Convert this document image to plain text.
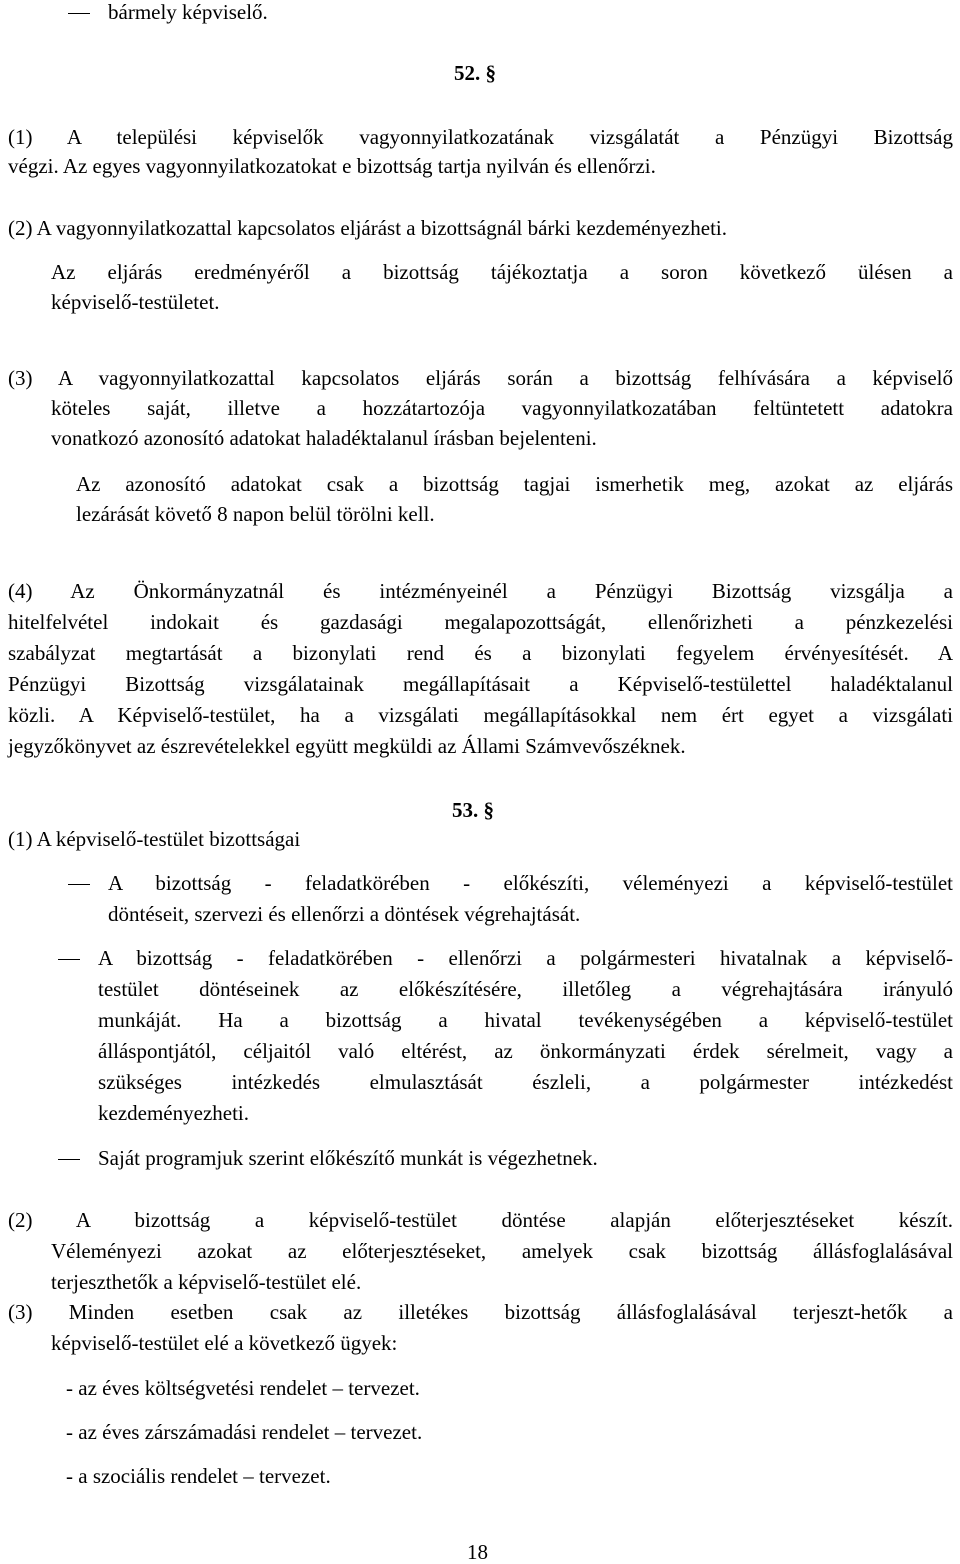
bármely képviselő.
52. §
(1) A települési képviselők vagyonnyilatkozatának vizsgálatát a Pénzügyi Bizottság
végzi. Az egyes vagyonnyilatkozatokat e bizottság tartja nyilván és ellenőrzi.
(2) A vagyonnyilatkozattal kapcsolatos eljárást a bizottságnál bárki kezdeményezheti.
Az eljárás eredményéről a bizottság tájékoztatja a soron következő ülésen a
képviselő-testületet.
(3) A vagyonnyilatkozattal kapcsolatos eljárás során a bizottság felhívására a képviselő
köteles saját, illetve a hozzátartozója vagyonnyilatkozatában feltüntetett adatokra
vonatkozó azonosító adatokat haladéktalanul írásban bejelenteni.
Az azonosító adatokat csak a bizottság tagjai ismerhetik meg, azokat az eljárás
lezárását követő 8 napon belül törölni kell.
(4) Az Önkormányzatnál és intézményeinél a Pénzügyi Bizottság vizsgálja a
hitelfelvétel indokait és gazdasági megalapozottságát, ellenőrizheti a pénzkezelési
szabályzat megtartását a bizonylati rend és a bizonylati fegyelem érvényesítését. A
Pénzügyi Bizottság vizsgálatainak megállapításait a Képviselő-testülettel haladéktalanul
közli. A Képviselő-testület, ha a vizsgálati megállapításokkal nem ért egyet a vizsgálati
jegyzőkönyvet az észrevételekkel együtt megküldi az Állami Számvevőszéknek.
53. §
(1) A képviselő-testület bizottságai
A bizottság - feladatkörében - előkészíti, véleményezi a képviselő-testület
döntéseit, szervezi és ellenőrzi a döntések végrehajtását.
A bizottság - feladatkörében - ellenőrzi a polgármesteri hivatalnak a képviselő-
testület döntéseinek az előkészítésére, illetőleg a végrehajtására irányuló
munkáját. Ha a bizottság a hivatal tevékenységében a képviselő-testület
álláspontjától, céljaitól való eltérést, az önkormányzati érdek sérelmeit, vagy a
szükséges intézkedés elmulasztását észleli, a polgármester intézkedést
kezdeményezheti.
Saját programjuk szerint előkészítő munkát is végezhetnek.
(2) A bizottság a képviselő-testület döntése alapján előterjesztéseket készít.
Véleményezi azokat az előterjesztéseket, amelyek csak bizottság állásfoglalásával
terjeszthetők a képviselő-testület elé.
(3) Minden esetben csak az illetékes bizottság állásfoglalásával terjeszt-hetők a
képviselő-testület elé a következő ügyek:
- az éves költségvetési rendelet – tervezet.
- az éves zárszámadási rendelet – tervezet.
- a szociális rendelet – tervezet.
18
